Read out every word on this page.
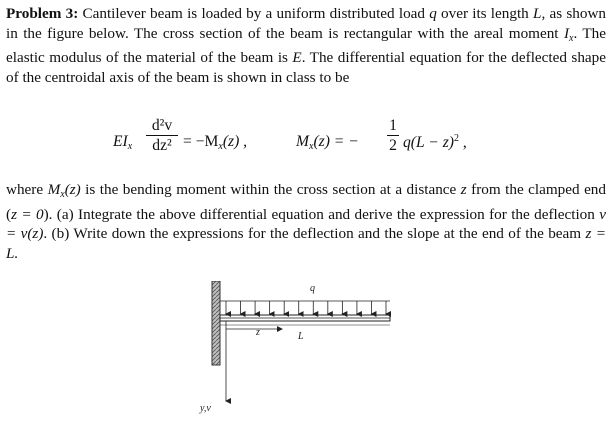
Problem 3: Cantilever beam is loaded by a uniform distributed load q over its length L, as shown in the figure below. The cross section of the beam is rectangular with the areal moment $I_x$. The elastic modulus of the material of the beam is E. The differential equation for the deflected shape of the centroidal axis of the beam is shown in class to be

$EI_x$
d²v
$dz^2 = -M_x(z)$ ,	$M_x(z)$ = −
1
2 $q(L - z)^2$ ,

where $M_x(z)$ is the bending moment within the cross section at a distance z from the clamped end (z = 0). (a) Integrate the above differential equation and derive the expression for the deflection v = v(z). (b) Write down the expressions for the deflection and the slope at the end of the beam z = L.

q
z	L
y,v
